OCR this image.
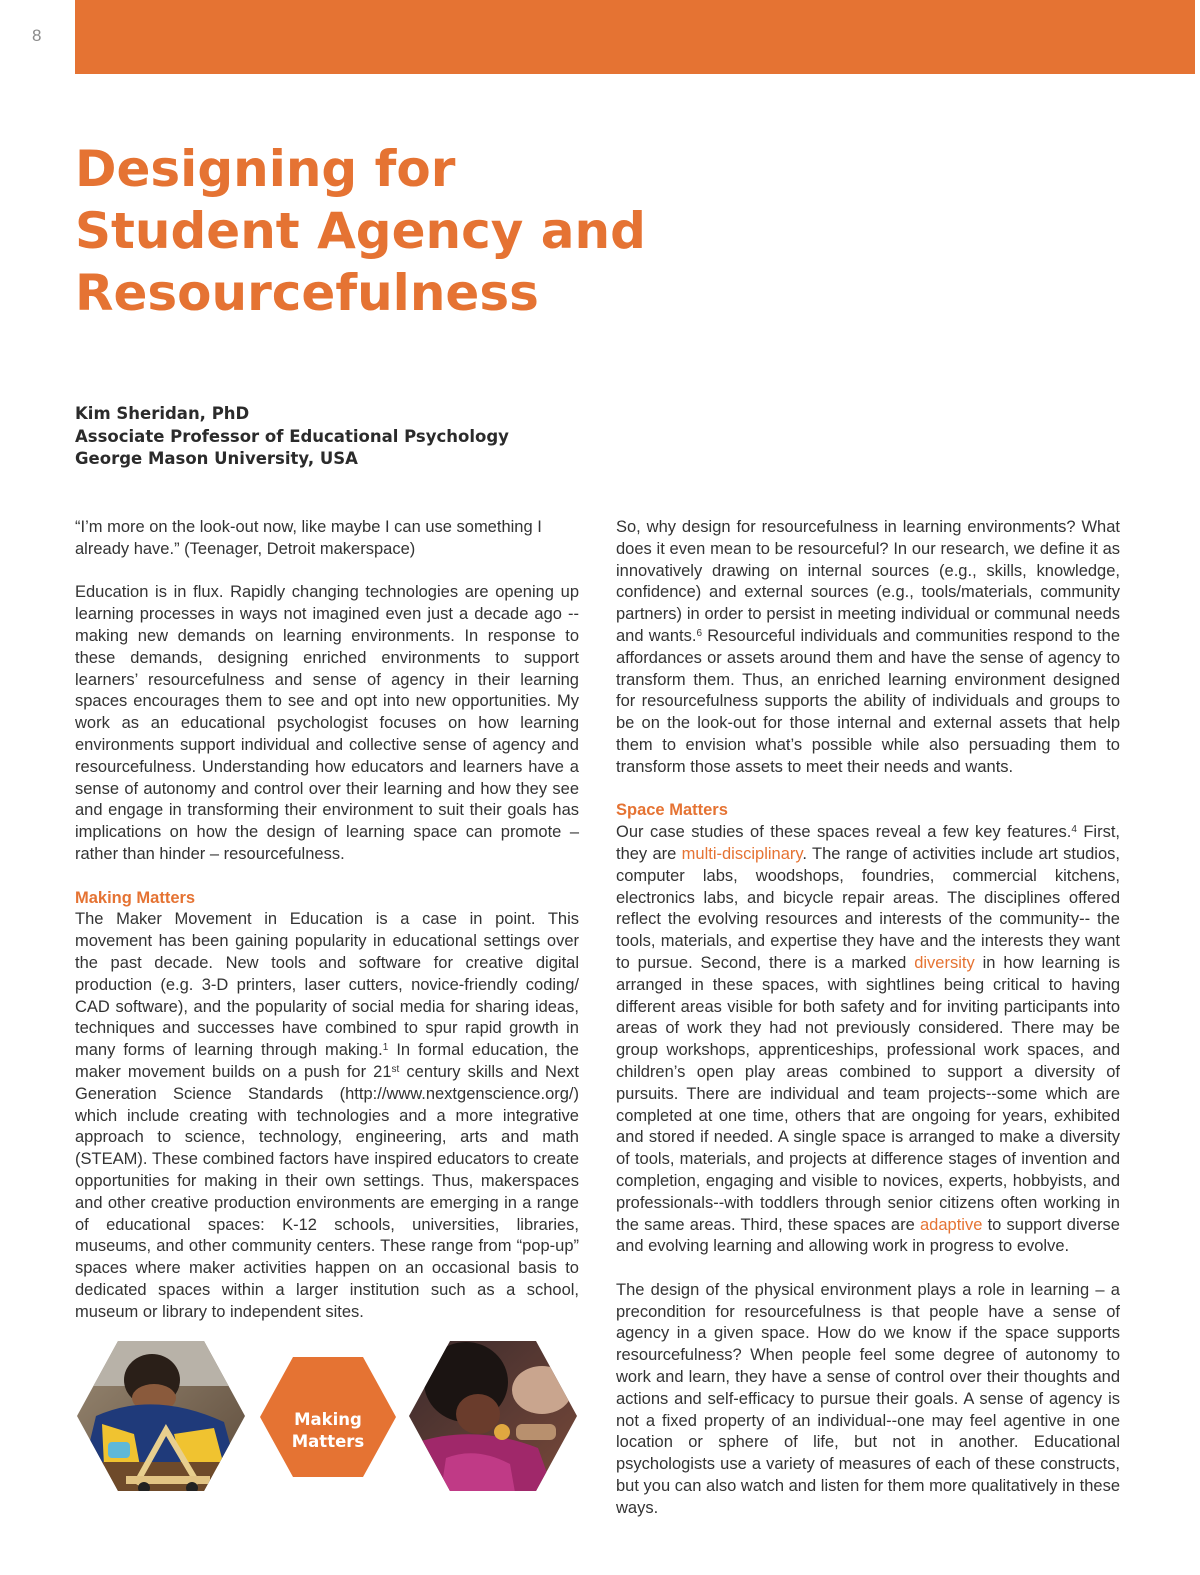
8
Designing for
Student Agency and
Resourcefulness
Kim Sheridan, PhD
Associate Professor of Educational Psychology
George Mason University, USA

“I’m more on the look-out now, like maybe I can use something I already have.” (Teenager, Detroit makerspace)

Education is in flux. Rapidly changing technologies are opening up learning processes in ways not imagined even just a decade ago -- making new demands on learning environments. In response to these demands, designing enriched environments to support learners’ resourcefulness and sense of agency in their learning spaces encourages them to see and opt into new opportunities. My work as an educational psychologist focuses on how learning environments support individual and collective sense of agency and resourcefulness. Understanding how educators and learners have a sense of autonomy and control over their learning and how they see and engage in transforming their environment to suit their goals has implications on how the design of learning space can promote – rather than hinder – resourcefulness.

Making Matters

The Maker Movement in Education is a case in point. This movement has been gaining popularity in educational settings over the past decade. New tools and software for creative digital production (e.g. 3-D printers, laser cutters, novice-friendly coding/ CAD software), and the popularity of social media for sharing ideas, techniques and successes have combined to spur rapid growth in many forms of learning through making.$^1$ In formal education, the maker movement builds on a push for 21st century skills and Next Generation Science Standards (http://www.nextgenscience.org/) which include creating with technologies and a more integrative approach to science, technology, engineering, arts and math (STEAM). These combined factors have inspired educators to create opportunities for making in their own settings. Thus, makerspaces and other creative production environments are emerging in a range of educational spaces: K-12 schools, universities, libraries, museums, and other community centers. These range from “pop-up” spaces where maker activities happen on an occasional basis to dedicated spaces within a larger institution such as a school, museum or library to independent sites.

So, why design for resourcefulness in learning environments? What does it even mean to be resourceful? In our research, we define it as innovatively drawing on internal sources (e.g., skills, knowledge, confidence) and external sources (e.g., tools/materials, community partners) in order to persist in meeting individual or communal needs and wants.$^6$ Resourceful individuals and communities respond to the affordances or assets around them and have the sense of agency to transform them. Thus, an enriched learning environment designed for resourcefulness supports the ability of individuals and groups to be on the look-out for those internal and external assets that help them to envision what’s possible while also persuading them to transform those assets to meet their needs and wants.

Space Matters

Our case studies of these spaces reveal a few key features.$^4$ First, they are multi-disciplinary. The range of activities include art studios, computer labs, woodshops, foundries, commercial kitchens, electronics labs, and bicycle repair areas. The disciplines offered reflect the evolving resources and interests of the community-- the tools, materials, and expertise they have and the interests they want to pursue. Second, there is a marked diversity in how learning is arranged in these spaces, with sightlines being critical to having different areas visible for both safety and for inviting participants into areas of work they had not previously considered. There may be group workshops, apprenticeships, professional work spaces, and children’s open play areas combined to support a diversity of pursuits. There are individual and team projects--some which are completed at one time, others that are ongoing for years, exhibited and stored if needed. A single space is arranged to make a diversity of tools, materials, and projects at difference stages of invention and completion, engaging and visible to novices, experts, hobbyists, and professionals--with toddlers through senior citizens often working in the same areas. Third, these spaces are adaptive to support diverse and evolving learning and allowing work in progress to evolve.

The design of the physical environment plays a role in learning – a precondition for resourcefulness is that people have a sense of agency in a given space. How do we know if the space supports resourcefulness? When people feel some degree of autonomy to work and learn, they have a sense of control over their thoughts and actions and self-efficacy to pursue their goals. A sense of agency is not a fixed property of an individual--one may feel agentive in one location or sphere of life, but not in another. Educational psychologists use a variety of measures of each of these constructs, but you can also watch and listen for them more qualitatively in these ways.

Making
Matters
